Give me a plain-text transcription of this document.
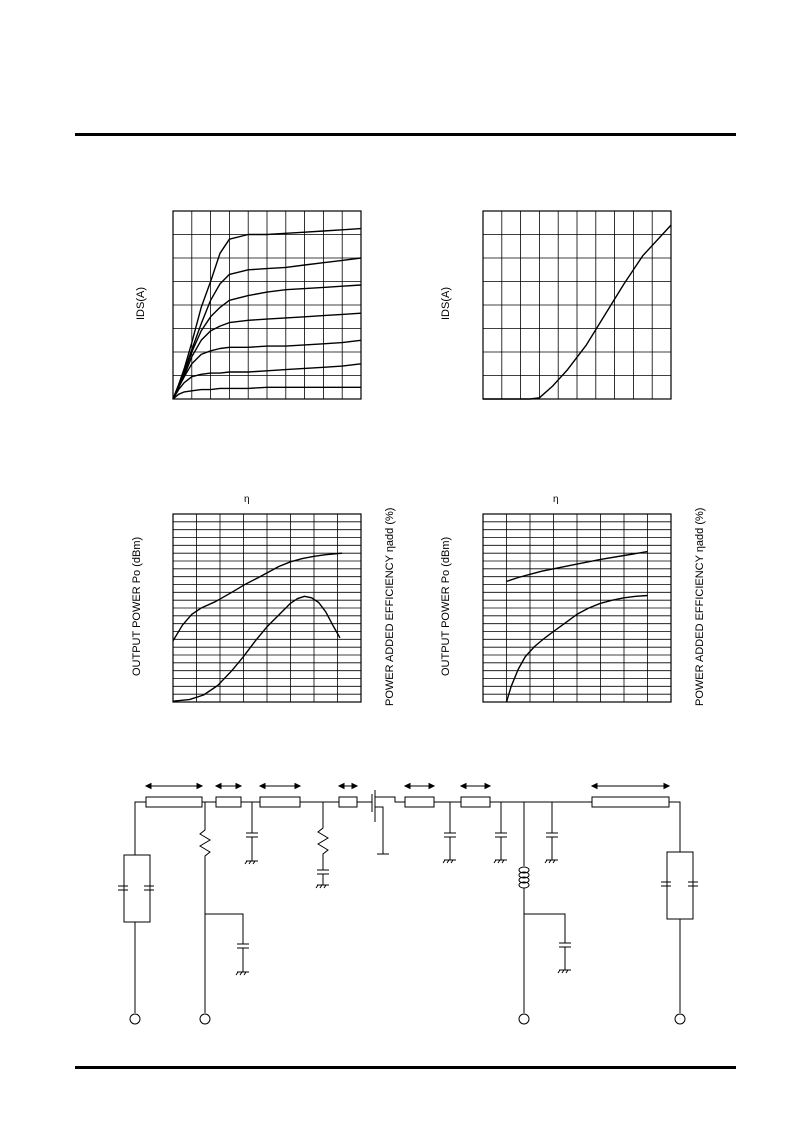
IDS(A)	IDS(A)
OUTPUT POWER Po (dBm)	POWER ADDED EFFICIENCY ηadd (%)
η
OUTPUT POWER Po (dBm)	POWER ADDED EFFICIENCY ηadd (%)
η
